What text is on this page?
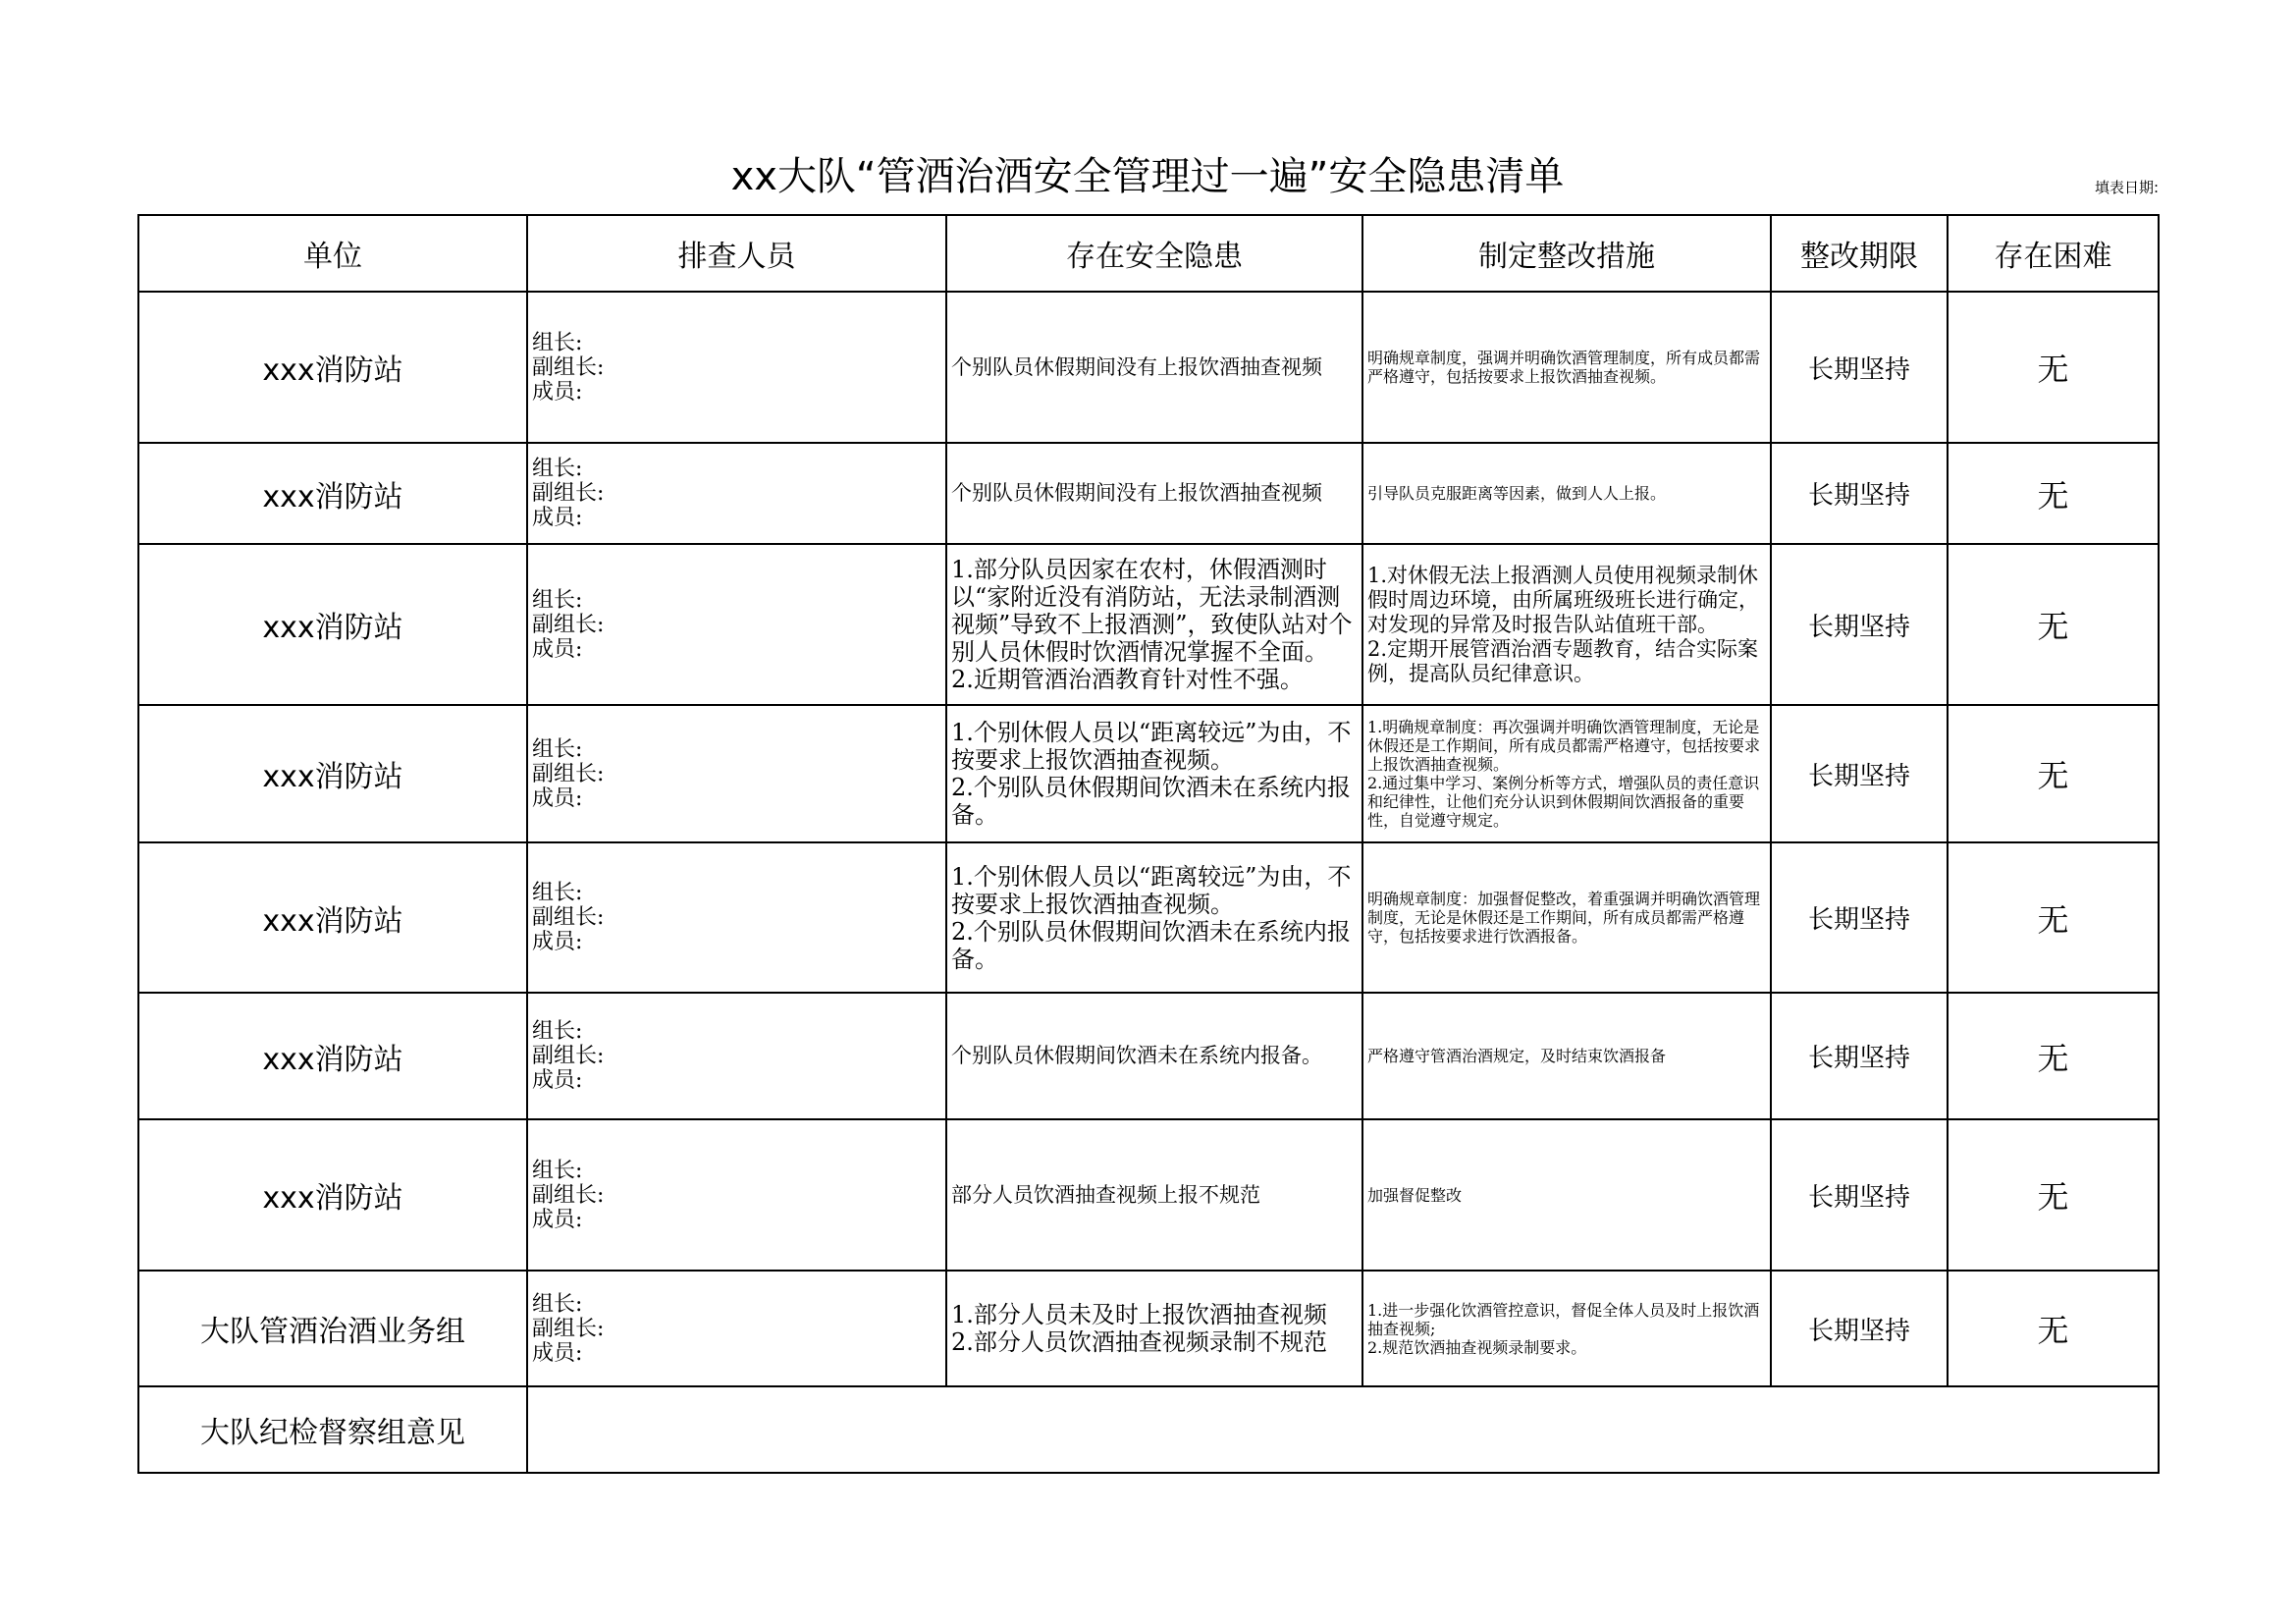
xx大队“管酒治酒安全管理过一遍”安全隐患清单	填表日期:
单位	排查人员	存在安全隐患	制定整改措施	整改期限	存在困难
xxx消防站	组长:
副组长:
成员:	个别队员休假期间没有上报饮酒抽查视频	明确规章制度，强调并明确饮酒管理制度，所有成员都需严格遵守，包括按要求上报饮酒抽查视频。	长期坚持	无
xxx消防站	组长:
副组长:
成员:	个别队员休假期间没有上报饮酒抽查视频	引导队员克服距离等因素，做到人人上报。	长期坚持	无
xxx消防站	组长:
副组长:
成员:	1.部分队员因家在农村，休假酒测时以“家附近没有消防站，无法录制酒测视频”导致不上报酒测”，致使队站对个别人员休假时饮酒情况掌握不全面。
2.近期管酒治酒教育针对性不强。	1.对休假无法上报酒测人员使用视频录制休假时周边环境，由所属班级班长进行确定，对发现的异常及时报告队站值班干部。
2.定期开展管酒治酒专题教育，结合实际案例，提高队员纪律意识。	长期坚持	无
xxx消防站	组长:
副组长:
成员:	1.个别休假人员以“距离较远”为由，不按要求上报饮酒抽查视频。
2.个别队员休假期间饮酒未在系统内报备。	1.明确规章制度：再次强调并明确饮酒管理制度，无论是休假还是工作期间，所有成员都需严格遵守，包括按要求上报饮酒抽查视频。
2.通过集中学习、案例分析等方式，增强队员的责任意识和纪律性，让他们充分认识到休假期间饮酒报备的重要性，自觉遵守规定。	长期坚持	无
xxx消防站	组长:
副组长:
成员:	1.个别休假人员以“距离较远”为由，不按要求上报饮酒抽查视频。
2.个别队员休假期间饮酒未在系统内报备。	明确规章制度：加强督促整改，着重强调并明确饮酒管理制度，无论是休假还是工作期间，所有成员都需严格遵守，包括按要求进行饮酒报备。	长期坚持	无
xxx消防站	组长:
副组长:
成员:	个别队员休假期间饮酒未在系统内报备。	严格遵守管酒治酒规定，及时结束饮酒报备	长期坚持	无
xxx消防站	组长:
副组长:
成员:	部分人员饮酒抽查视频上报不规范	加强督促整改	长期坚持	无
大队管酒治酒业务组	组长:
副组长:
成员:	1.部分人员未及时上报饮酒抽查视频
2.部分人员饮酒抽查视频录制不规范	1.进一步强化饮酒管控意识，督促全体人员及时上报饮酒抽查视频;
2.规范饮酒抽查视频录制要求。	长期坚持	无
大队纪检督察组意见					
